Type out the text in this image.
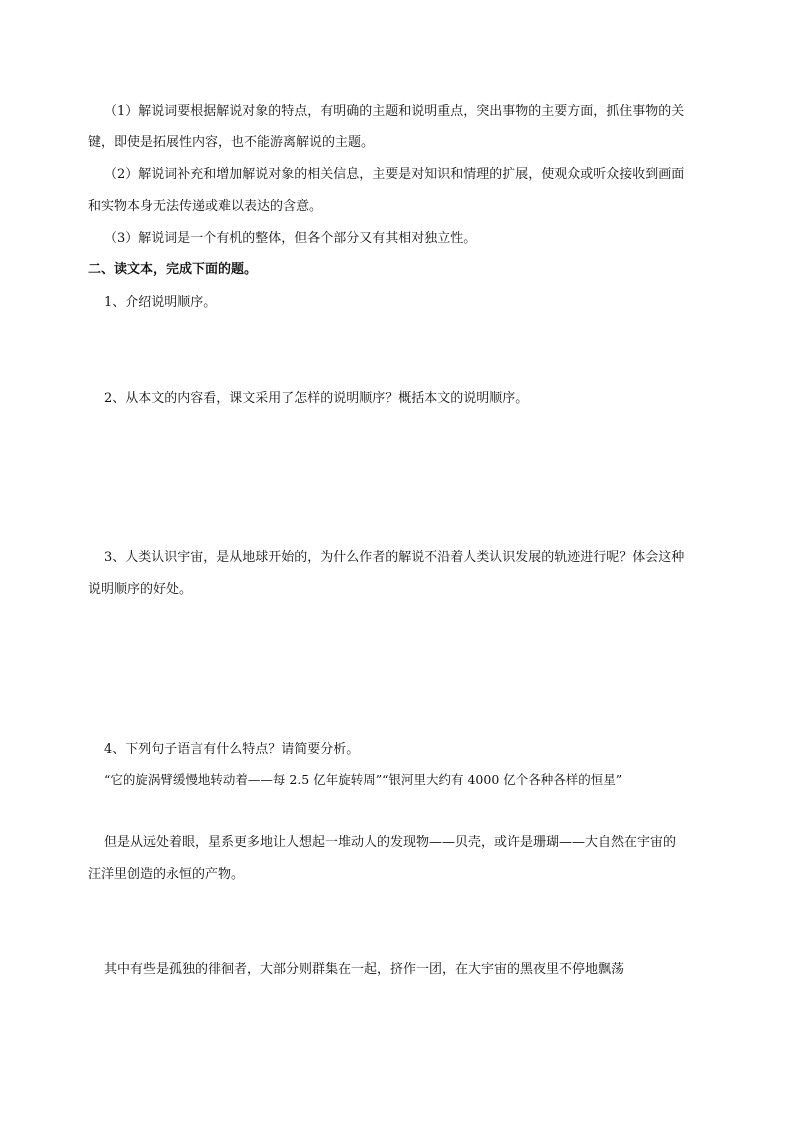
（1）解说词要根据解说对象的特点，有明确的主题和说明重点，突出事物的主要方面，抓住事物的关
键，即使是拓展性内容，也不能游离解说的主题。
（2）解说词补充和增加解说对象的相关信息，主要是对知识和情理的扩展，使观众或听众接收到画面
和实物本身无法传递或难以表达的含意。
（3）解说词是一个有机的整体，但各个部分又有其相对独立性。
二、读文本，完成下面的题。
1、介绍说明顺序。
2、从本文的内容看，课文采用了怎样的说明顺序？概括本文的说明顺序。
3、人类认识宇宙，是从地球开始的，为什么作者的解说不沿着人类认识发展的轨迹进行呢？体会这种
说明顺序的好处。
4、下列句子语言有什么特点？请简要分析。
“它的旋涡臂缓慢地转动着——每 2.5 亿年旋转周”“银河里大约有 4000 亿个各种各样的恒星”
但是从远处着眼，星系更多地让人想起一堆动人的发现物——贝壳，或许是珊瑚——大自然在宇宙的
汪洋里创造的永恒的产物。
其中有些是孤独的徘徊者，大部分则群集在一起，挤作一团，在大宇宙的黑夜里不停地飘荡
